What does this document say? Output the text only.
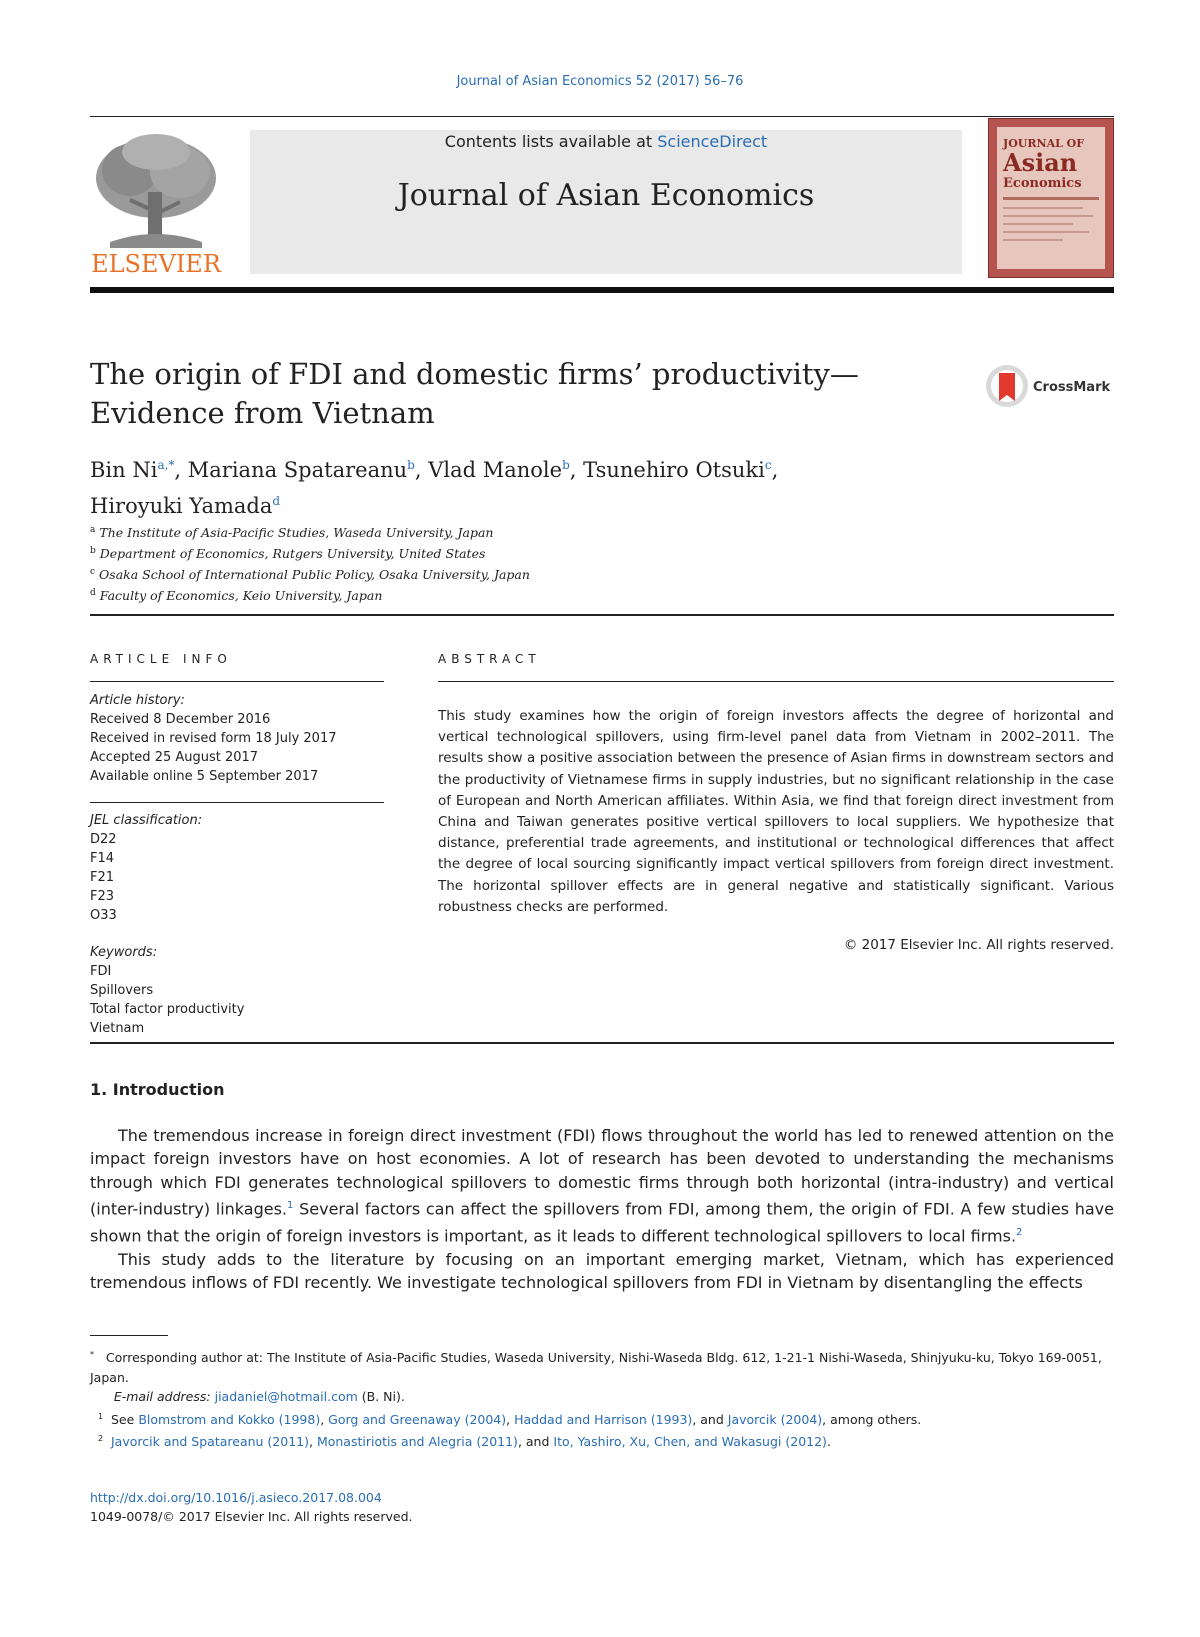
Journal of Asian Economics 52 (2017) 56–76
ELSEVIER
Contents lists available at ScienceDirect
Journal of Asian Economics
JOURNAL OF
Asian
Economics
The origin of FDI and domestic firms’ productivity—Evidence from Vietnam
CrossMark
Bin $Ni^{a,*}$, Mariana Spatareanu$^b$, Vlad Manole$^b$, Tsunehiro Otsuki$^c$,
Hiroyuki Yamada$^d$
$^a$ The Institute of Asia-Pacific Studies, Waseda University, Japan
$^b$ Department of Economics, Rutgers University, United States
$^c$ Osaka School of International Public Policy, Osaka University, Japan
$^d$ Faculty of Economics, Keio University, Japan
ARTICLE INFO
Article history:
Received 8 December 2016
Received in revised form 18 July 2017
Accepted 25 August 2017
Available online 5 September 2017
JEL classification:
D22
F14
F21
F23
O33
Keywords:
FDI
Spillovers
Total factor productivity
Vietnam
ABSTRACT
This study examines how the origin of foreign investors affects the degree of horizontal and vertical technological spillovers, using firm-level panel data from Vietnam in 2002–2011. The results show a positive association between the presence of Asian firms in downstream sectors and the productivity of Vietnamese firms in supply industries, but no significant relationship in the case of European and North American affiliates. Within Asia, we find that foreign direct investment from China and Taiwan generates positive vertical spillovers to local suppliers. We hypothesize that distance, preferential trade agreements, and institutional or technological differences that affect the degree of local sourcing significantly impact vertical spillovers from foreign direct investment. The horizontal spillover effects are in general negative and statistically significant. Various robustness checks are performed.
© 2017 Elsevier Inc. All rights reserved.
1. Introduction

The tremendous increase in foreign direct investment (FDI) flows throughout the world has led to renewed attention on the impact foreign investors have on host economies. A lot of research has been devoted to understanding the mechanisms through which FDI generates technological spillovers to domestic firms through both horizontal (intra-industry) and vertical (inter-industry) linkages.$^1$ Several factors can affect the spillovers from FDI, among them, the origin of FDI. A few studies have shown that the origin of foreign investors is important, as it leads to different technological spillovers to local firms.$^2$

This study adds to the literature by focusing on an important emerging market, Vietnam, which has experienced tremendous inflows of FDI recently. We investigate technological spillovers from FDI in Vietnam by disentangling the effects

* Corresponding author at: The Institute of Asia-Pacific Studies, Waseda University, Nishi-Waseda Bldg. 612, 1-21-1 Nishi-Waseda, Shinjyuku-ku, Tokyo 169-0051, Japan.
E-mail address: jiadaniel@hotmail.com (B. Ni).
$^1$ See Blomstrom and Kokko (1998), Gorg and Greenaway (2004), Haddad and Harrison (1993), and Javorcik (2004), among others.
$^2$ Javorcik and Spatareanu (2011), Monastiriotis and Alegria (2011), and Ito, Yashiro, Xu, Chen, and Wakasugi (2012).
http://dx.doi.org/10.1016/j.asieco.2017.08.004
1049-0078/© 2017 Elsevier Inc. All rights reserved.
